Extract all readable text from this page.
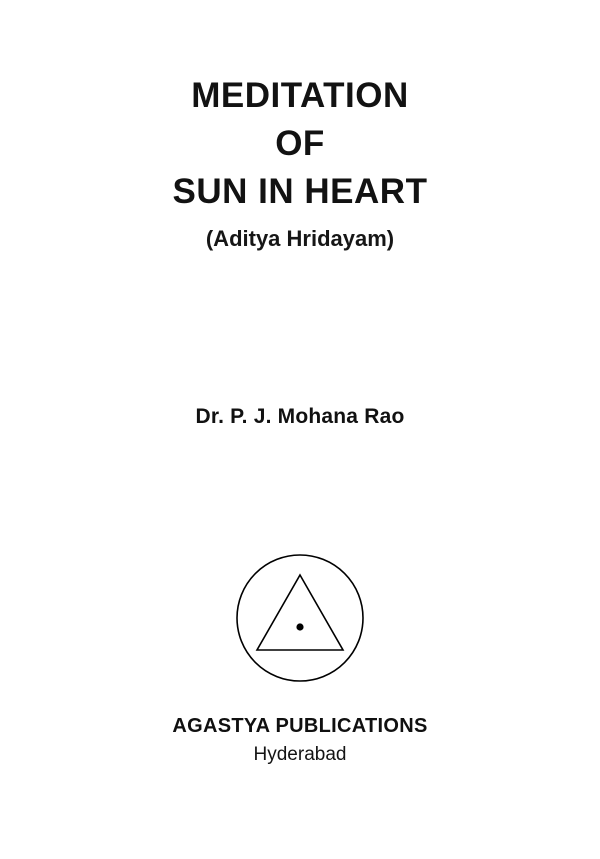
MEDITATION
OF
SUN IN HEART
(Aditya Hridayam)
Dr. P. J. Mohana Rao
AGASTYA PUBLICATIONS
Hyderabad
